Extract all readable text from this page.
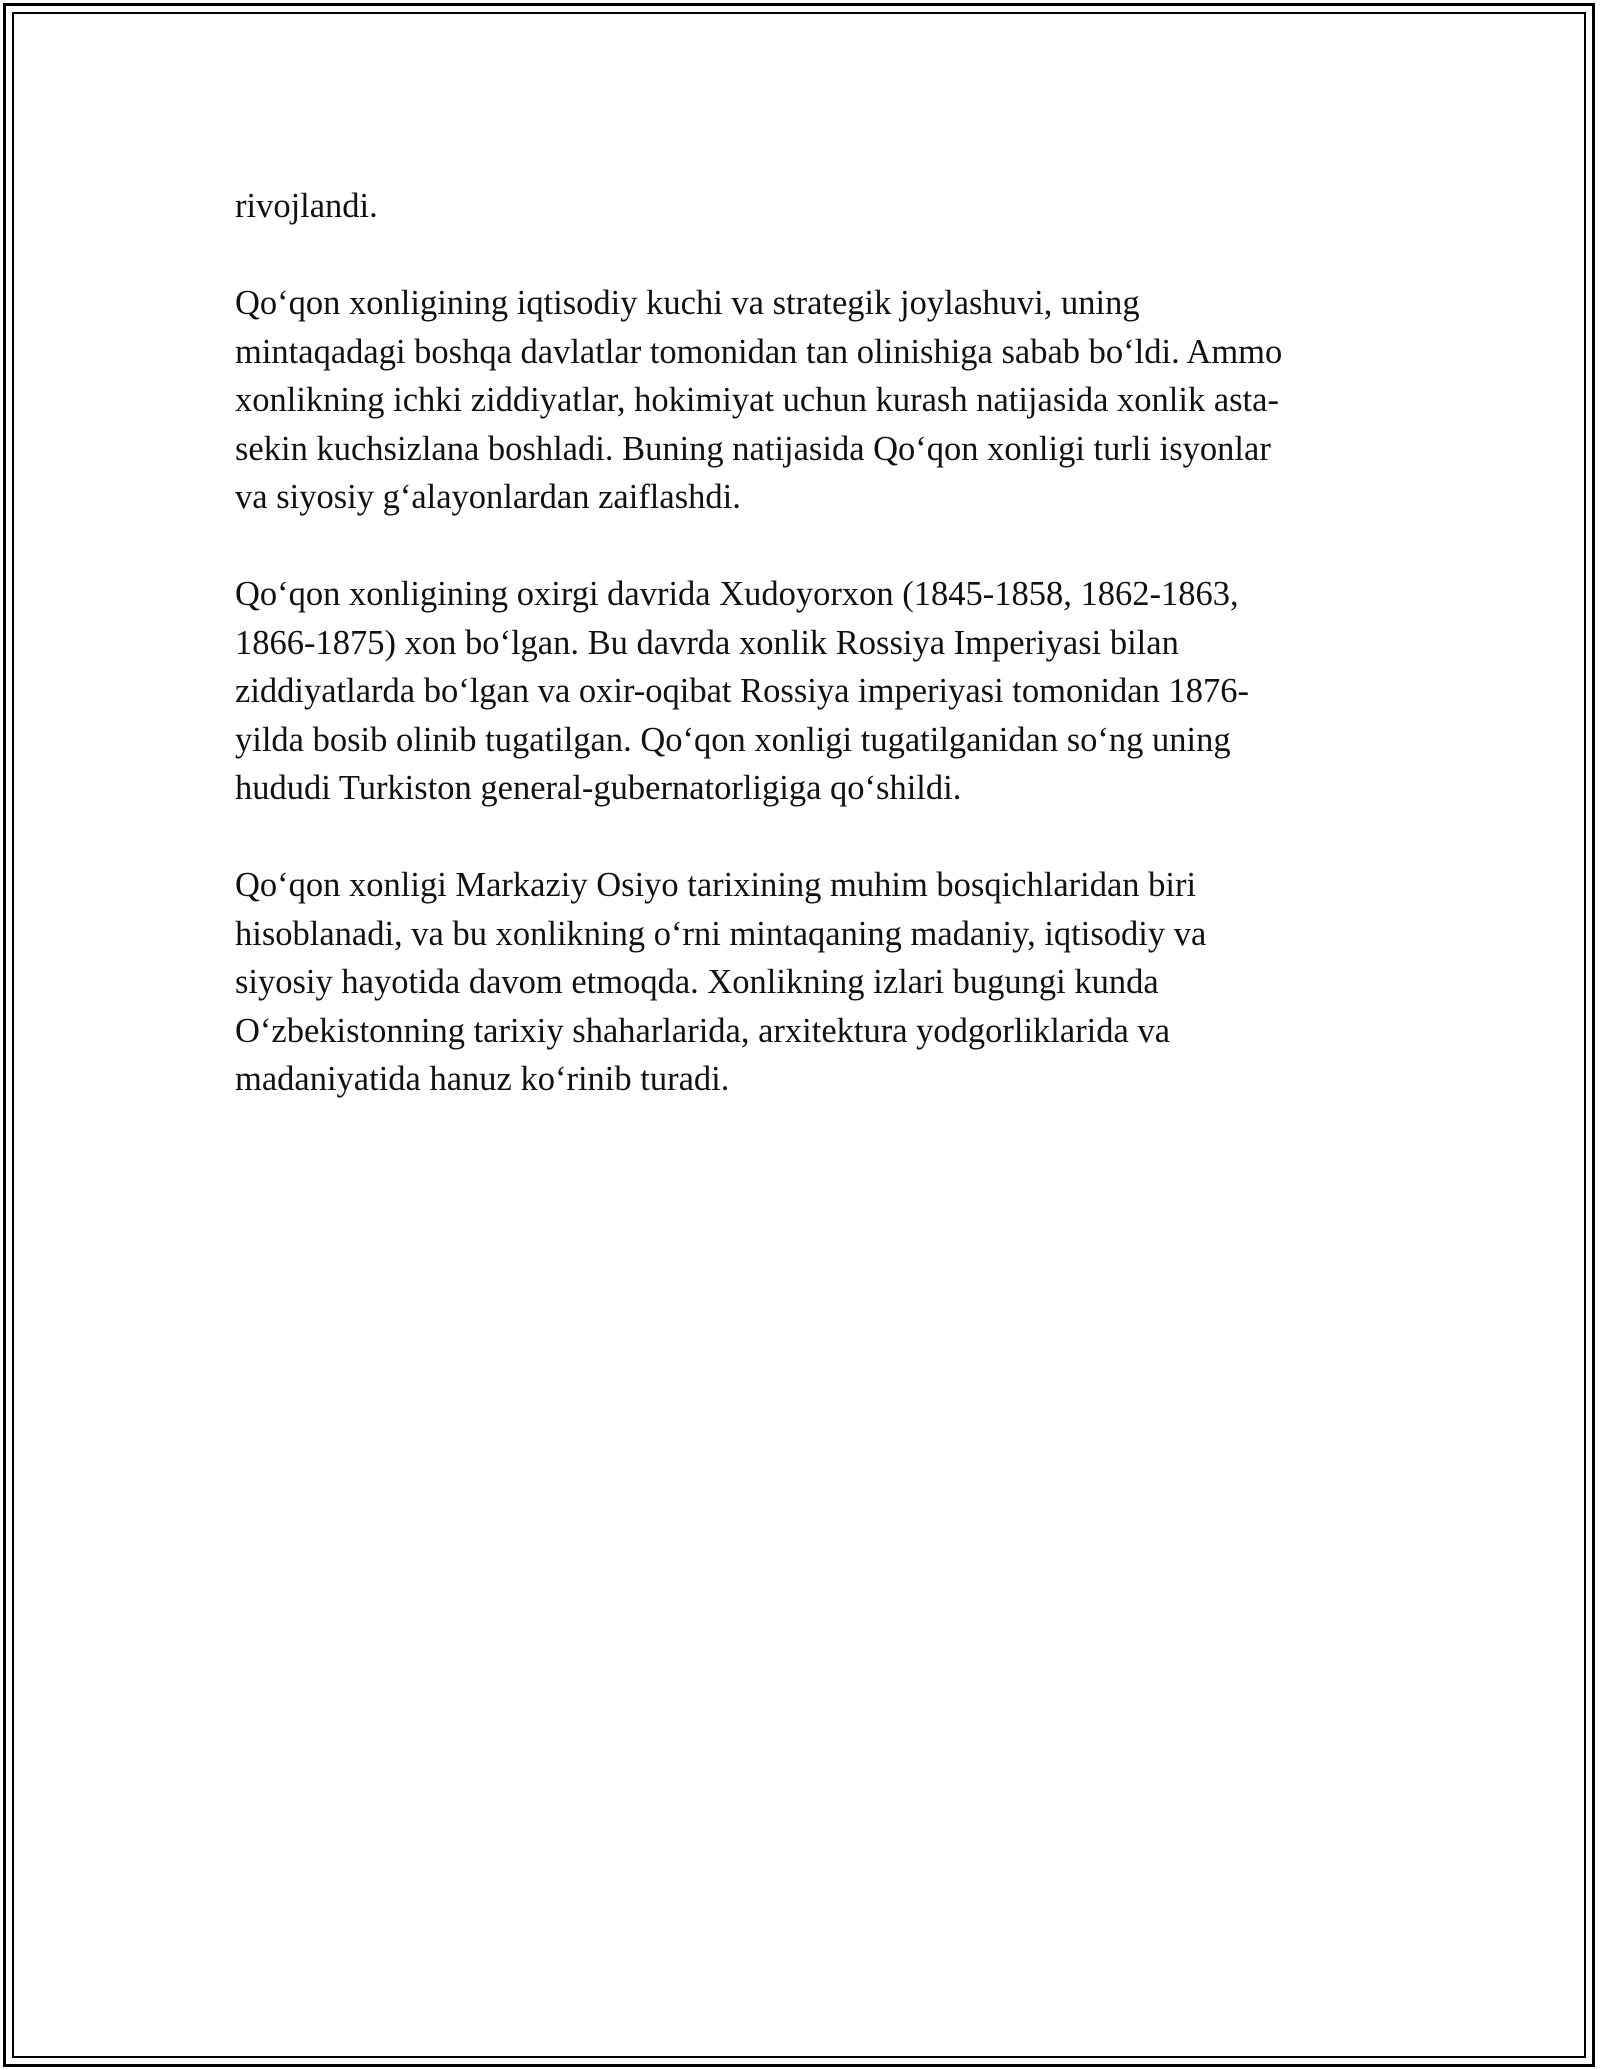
rivojlandi.

Qo‘qon xonligining iqtisodiy kuchi va strategik joylashuvi, uning
mintaqadagi boshqa davlatlar tomonidan tan olinishiga sabab bo‘ldi. Ammo
xonlikning ichki ziddiyatlar, hokimiyat uchun kurash natijasida xonlik asta-
sekin kuchsizlana boshladi. Buning natijasida Qo‘qon xonligi turli isyonlar
va siyosiy g‘alayonlardan zaiflashdi.

Qo‘qon xonligining oxirgi davrida Xudoyorxon (1845-1858, 1862-1863,
1866-1875) xon bo‘lgan. Bu davrda xonlik Rossiya Imperiyasi bilan
ziddiyatlarda bo‘lgan va oxir-oqibat Rossiya imperiyasi tomonidan 1876-
yilda bosib olinib tugatilgan. Qo‘qon xonligi tugatilganidan so‘ng uning
hududi Turkiston general-gubernatorligiga qo‘shildi.

Qo‘qon xonligi Markaziy Osiyo tarixining muhim bosqichlaridan biri
hisoblanadi, va bu xonlikning o‘rni mintaqaning madaniy, iqtisodiy va
siyosiy hayotida davom etmoqda. Xonlikning izlari bugungi kunda
O‘zbekistonning tarixiy shaharlarida, arxitektura yodgorliklarida va
madaniyatida hanuz ko‘rinib turadi.
